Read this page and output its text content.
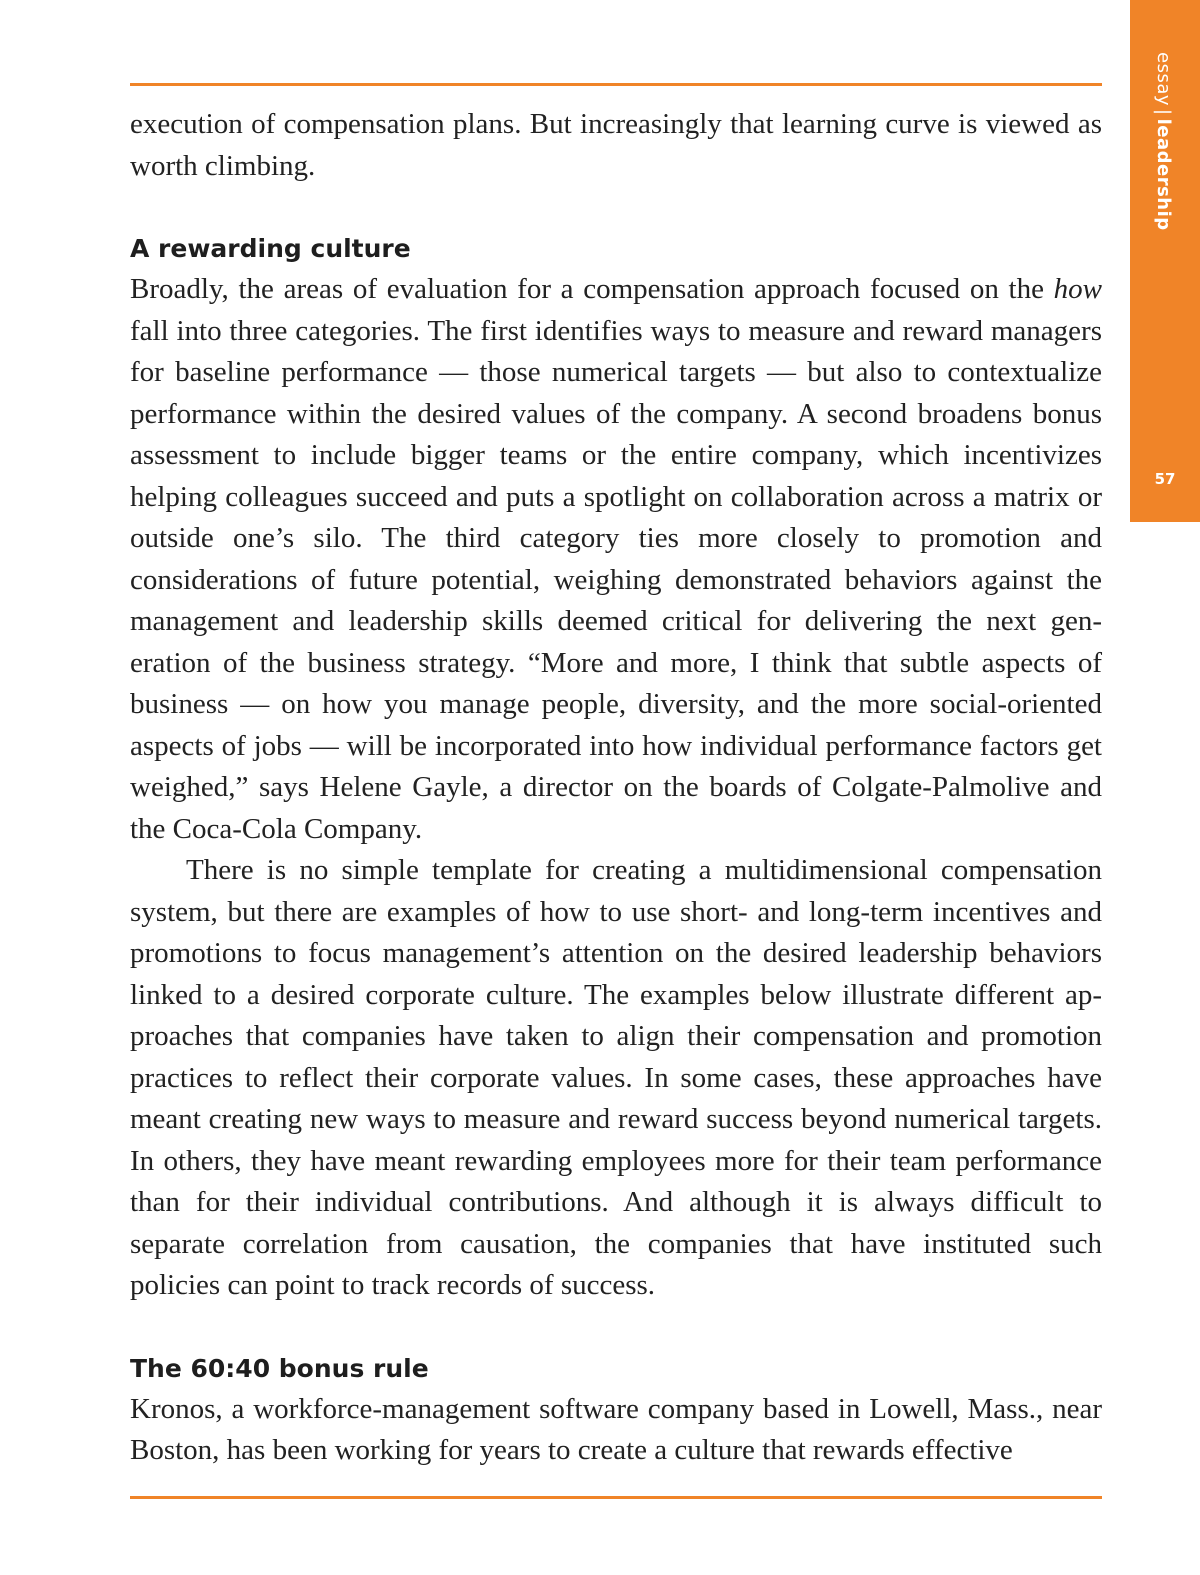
essay|leadership
57

execution of compensation plans. But increasingly that learning curve is viewed as worth climbing.

A rewarding culture

Broadly, the areas of evaluation for a compensation approach focused on the how fall into three categories. The first identifies ways to measure and reward managers for baseline performance — those numerical targets — but also to contextualize performance within the desired values of the company. A second broadens bonus assessment to include bigger teams or the entire company, which incentivizes helping colleagues succeed and puts a spotlight on collaboration across a matrix or outside one’s silo. The third category ties more closely to promotion and considerations of future potential, weighing demonstrated behaviors against the management and leadership skills deemed critical for delivering the next generation of the business strategy. “More and more, I think that subtle aspects of business — on how you manage people, diversity, and the more social-oriented aspects of jobs — will be incorporated into how individual performance factors get weighed,” says Helene Gayle, a director on the boards of Colgate-Palmolive and the Coca-Cola Company.

There is no simple template for creating a multidimensional compensation system, but there are examples of how to use short- and long-term incentives and promotions to focus management’s attention on the desired leadership behaviors linked to a desired corporate culture. The examples below illustrate different approaches that companies have taken to align their compensation and promotion practices to reflect their corporate values. In some cases, these approaches have meant creating new ways to measure and reward success beyond numerical targets. In others, they have meant rewarding employees more for their team performance than for their individual contributions. And although it is always difficult to separate correlation from causation, the companies that have instituted such policies can point to track records of success.

The 60:40 bonus rule

Kronos, a workforce-management software company based in Lowell, Mass., near Boston, has been working for years to create a culture that rewards effective
